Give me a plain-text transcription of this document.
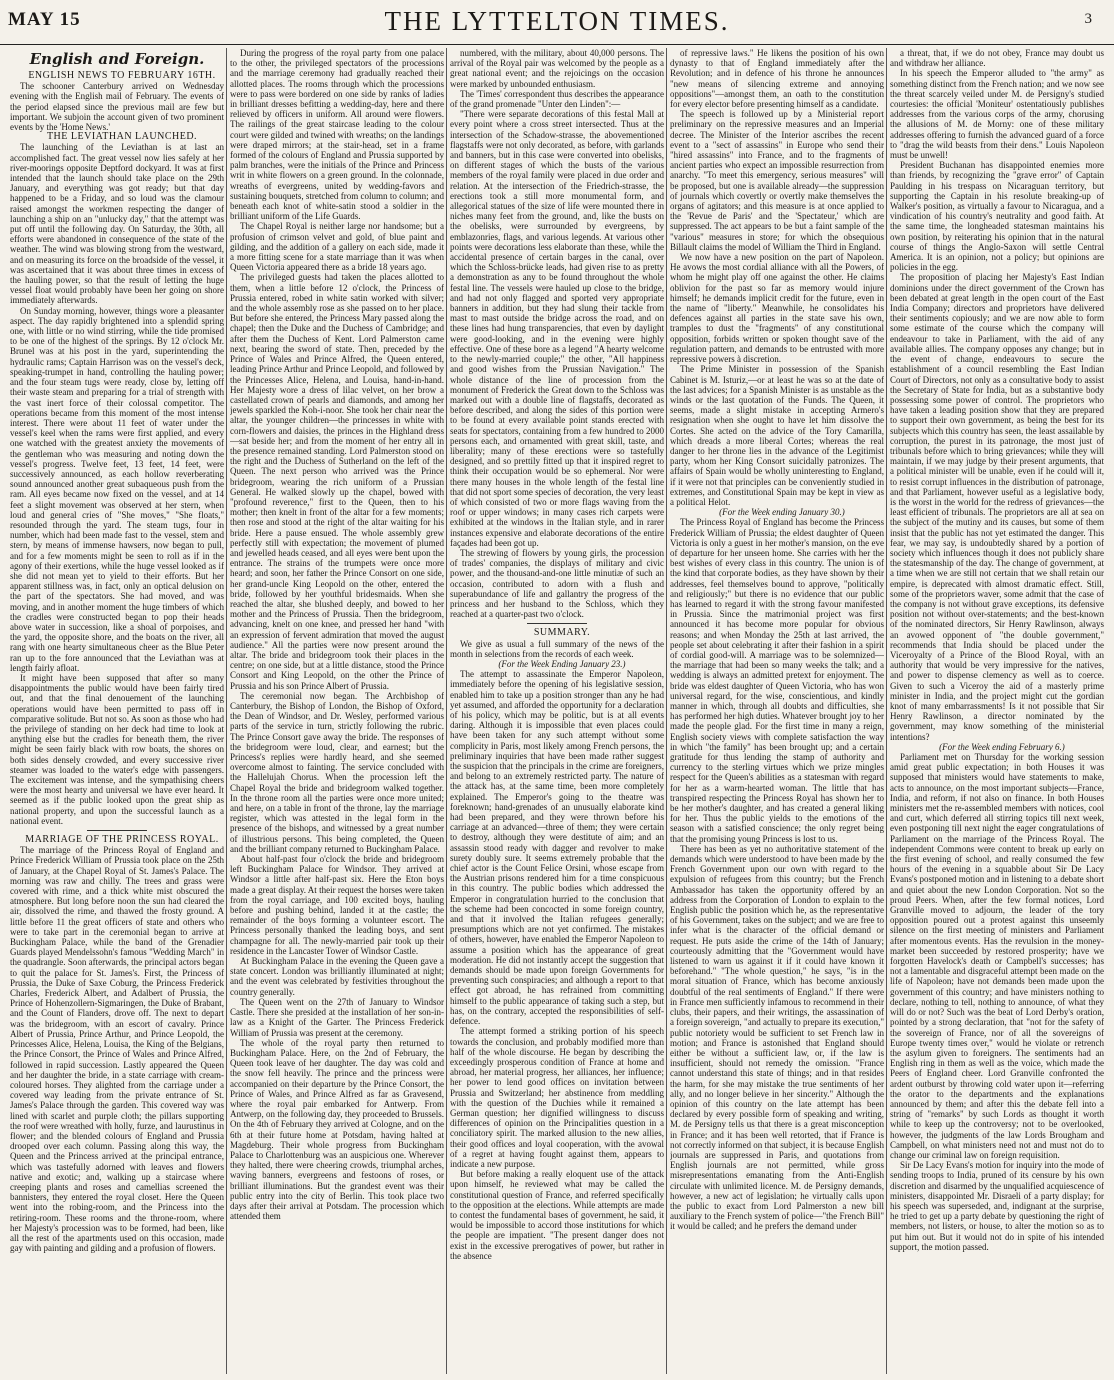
MAY 15	THE LYTTELTON TIMES.	3
English and Foreign.

ENGLISH NEWS TO FEBRUARY 16TH.

The schooner Canterbury arrived on Wednesday evening with the English mail of February. The events of the period elapsed since the previous mail are few but important. We subjoin the account given of two prominent events by the 'Home News.'

THE LEVIATHAN LAUNCHED.

The launching of the Leviathan is at last an accomplished fact. The great vessel now lies safely at her river-moorings opposite Deptford dockyard. It was at first intended that the launch should take place on the 29th January, and everything was got ready; but that day happened to be a Friday, and so loud was the clamour raised amongst the workmen respecting the danger of launching a ship on an "unlucky day," that the attempt was put off until the following day. On Saturday, the 30th, all efforts were abandoned in consequence of the state of the weather. The wind was blowing strong from the westward, and on measuring its force on the broadside of the vessel, it was ascertained that it was about three times in excess of the hauling power, so that the result of letting the huge vessel float would probably have been her going on shore immediately afterwards.

On Sunday morning, however, things wore a pleasanter aspect. The day rapidly brightened into a splendid spring one, with little or no wind stirring, while the tide promised to be one of the highest of the springs. By 12 o'clock Mr. Brunel was at his post in the yard, superintending the hydraulic rams; Captain Harrison was on the vessel's deck, speaking-trumpet in hand, controlling the hauling power; and the four steam tugs were ready, close by, letting off their waste steam and preparing for a trial of strength with the vast inert force of their colossal competitor. The operations became from this moment of the most intense interest. There were about 11 feet of water under the vessel's keel when the rams were first applied, and every one watched with the greatest anxiety the movements of the gentleman who was measuring and noting down the vessel's progress. Twelve feet, 13 feet, 14 feet, were successively announced, as each hollow reverberating sound announced another great subaqueous push from the ram. All eyes became now fixed on the vessel, and at 14 feet a slight movement was observed at her stern, when loud and general cries of "She moves," "She floats," resounded through the yard. The steam tugs, four in number, which had been made fast to the vessel, stem and stern, by means of immense hawsers, now began to pull, and for a few moments might be seen to roll as if in the agony of their exertions, while the huge vessel looked as if she did not mean yet to yield to their efforts. But her apparent stillness was, in fact, only an optical delusion on the part of the spectators. She had moved, and was moving, and in another moment the huge timbers of which the cradles were constructed began to pop their heads above water in succession, like a shoal of porpoises, and the yard, the opposite shore, and the boats on the river, all rang with one hearty simultaneous cheer as the Blue Peter ran up to the fore announced that the Leviathan was at length fairly afloat.

It might have been supposed that after so many disappointments the public would have been fairly tired out, and that the final denouement of the launching operations would have been permitted to pass off in comparative solitude. But not so. As soon as those who had the privilege of standing on her deck had time to look at anything else but the cradles for beneath them, the river might be seen fairly black with row boats, the shores on both sides densely crowded, and every successive river steamer was loaded to the water's edge with passengers. The excitement was intense, and the sympathising cheers were the most hearty and universal we have ever heard. It seemed as if the public looked upon the great ship as national property, and upon the successful launch as a national event.

MARRIAGE OF THE PRINCESS ROYAL.

The marriage of the Princess Royal of England and Prince Frederick William of Prussia took place on the 25th of January, at the Chapel Royal of St. James's Palace. The morning was raw and chilly. The trees and grass were covered with rime, and a thick white mist obscured the atmosphere. But long before noon the sun had cleared the air, dissolved the rime, and thawed the frosty ground. A little before 11 the great officers of state and others who were to take part in the ceremonial began to arrive at Buckingham Palace, while the band of the Grenadier Guards played Mendelssohn's famous "Wedding March" in the quadrangle. Soon afterwards, the principal actors began to quit the palace for St. James's. First, the Princess of Prussia, the Duke of Saxe Coburg, the Princess Frederick Charles, Frederick Albert, and Adalbert of Prussia, the Prince of Hohenzollern-Sigmaringen, the Duke of Brabant, and the Count of Flanders, drove off. The next to depart was the bridegroom, with an escort of cavalry. Prince Albert of Prussia, Prince Arthur, and Prince Leopold, the Princesses Alice, Helena, Louisa, the King of the Belgians, the Prince Consort, the Prince of Wales and Prince Alfred, followed in rapid succession. Lastly appeared the Queen and her daughter the bride, in a state carriage with cream-coloured horses. They alighted from the carriage under a covered way leading from the private entrance of St. James's Palace through the garden. This covered way was lined with scarlet and purple cloth; the pillars supporting the roof were wreathed with holly, furze, and laurustinus in flower; and the blended colours of England and Prussia drooped over each column. Passing along this way, the Queen and the Princess arrived at the principal entrance, which was tastefully adorned with leaves and flowers native and exotic; and, walking up a staircase where creeping plants and roses and camellias screened the bannisters, they entered the royal closet. Here the Queen went into the robing-room, and the Princess into the retiring-room. These rooms and the throne-room, where her Majesty's procession was to be formed, had been, like all the rest of the apartments used on this occasion, made gay with painting and gilding and a profusion of flowers.

During the progress of the royal party from one palace to the other, the privileged spectators of the processions and the marriage ceremony had gradually reached their allotted places. The rooms through which the processions were to pass were bordered on one side by ranks of ladies in brilliant dresses befitting a wedding-day, here and there relieved by officers in uniform. All around were flowers. The railings of the great staircase leading to the colour court were gilded and twined with wreaths; on the landings were draped mirrors; at the stair-head, set in a frame formed of the colours of England and Prussia supported by palm branches, were the initials of the Prince and Princess writ in white flowers on a green ground. In the colonnade, wreaths of evergreens, united by wedding-favors and sustaining bouquets, stretched from column to column; and beneath each knot of white-satin stood a soldier in the brilliant uniform of the Life Guards.

The Chapel Royal is neither large nor handsome; but a profusion of crimson velvet and gold, of blue paint and gilding, and the addition of a gallery on each side, made it a more fitting scene for a state marriage than it was when Queen Victoria appeared there as a bride 18 years ago.

The privileged guests had taken the places allotted to them, when a little before 12 o'clock, the Princess of Prussia entered, robed in white satin worked with silver; and the whole assembly rose as she passed on to her place. But before she entered, the Princess Mary passed along the chapel; then the Duke and the Duchess of Cambridge; and after them the Duchess of Kent. Lord Palmerston came next, bearing the sword of state. Then, preceded by the Prince of Wales and Prince Alfred, the Queen entered, leading Prince Arthur and Prince Leopold, and followed by the Princesses Alice, Helena, and Louisa, hand-in-hand. Her Majesty wore a dress of lilac velvet, on her brow a castellated crown of pearls and diamonds, and among her jewels sparkled the Koh-i-noor. She took her chair near the altar, the younger children—the princesses in white with corn-flowers and daisies, the princes in the Highland dress—sat beside her; and from the moment of her entry all in the presence remained standing. Lord Palmerston stood on the right and the Duchess of Sutherland on the left of the Queen. The next person who arrived was the Prince bridegroom, wearing the rich uniform of a Prussian General. He walked slowly up the chapel, bowed with "profound reverence," first to the Queen, then to his mother; then knelt in front of the altar for a few moments; then rose and stood at the right of the altar waiting for his bride. Here a pause ensued. The whole assembly grew perfectly still with expectation; the movement of plumed and jewelled heads ceased, and all eyes were bent upon the entrance. The strains of the trumpets were once more heard; and soon, her father the Prince Consort on one side, her grand-uncle King Leopold on the other, entered the bride, followed by her youthful bridesmaids. When she reached the altar, she blushed deeply, and bowed to her mother and the Princess of Prussia. Then the bridegroom, advancing, knelt on one knee, and pressed her hand "with an expression of fervent admiration that moved the august audience." All the parties were now present around the altar. The bride and bridegroom took their places in the centre; on one side, but at a little distance, stood the Prince Consort and King Leopold, on the other the Prince of Prussia and his son Prince Albert of Prussia.

The ceremonial now began. The Archbishop of Canterbury, the Bishop of London, the Bishop of Oxford, the Dean of Windsor, and Dr. Wesley, performed various parts of the service in turn, strictly following the rubric. The Prince Consort gave away the bride. The responses of the bridegroom were loud, clear, and earnest; but the Princess's replies were hardly heard, and she seemed overcome almost to fainting. The service concluded with the Hallelujah Chorus. When the procession left the Chapel Royal the bride and bridegroom walked together. In the throne room all the parties were once more united; and here, on a table in front of the throne, lay the marriage register, which was attested in the legal form in the presence of the bishops, and witnessed by a great number of illustrious persons. This being completed, the Queen and the brilliant company returned to Buckingham Palace.

About half-past four o'clock the bride and bridegroom left Buckingham Palace for Windsor. They arrived at Windsor a little after half-past six. Here the Eton boys made a great display. At their request the horses were taken from the royal carriage, and 100 excited boys, hauling before and pushing behind, landed it at the castle; the remainder of the boys forming a volunteer escort. The Princess personally thanked the leading boys, and sent champagne for all. The newly-married pair took up their residence in the Lancaster Tower of Windsor Castle.

At Buckingham Palace in the evening the Queen gave a state concert. London was brilliantly illuminated at night; and the event was celebrated by festivities throughout the country generally.

The Queen went on the 27th of January to Windsor Castle. There she presided at the installation of her son-in-law as a Knight of the Garter. The Princess Frederick William of Prussia was present at the ceremony.

The whole of the royal party then returned to Buckingham Palace. Here, on the 2nd of February, the Queen took leave of her daughter. The day was cold and the snow fell heavily. The prince and the princess were accompanied on their departure by the Prince Consort, the Prince of Wales, and Prince Alfred as far as Gravesend, where the royal pair embarked for Antwerp. From Antwerp, on the following day, they proceeded to Brussels. On the 4th of February they arrived at Cologne, and on the 6th at their future home at Potsdam, having halted at Magdeburg. Their whole progress from Buckingham Palace to Charlottenburg was an auspicious one. Wherever they halted, there were cheering crowds, triumphal arches, waving banners, evergreens and festoons of roses, or brilliant illuminations. But the grandest event was their public entry into the city of Berlin. This took place two days after their arrival at Potsdam. The procession which attended them

numbered, with the military, about 40,000 persons. The arrival of the Royal pair was welcomed by the people as a great national event; and the rejoicings on the occasion were marked by unbounded enthusiasm.

The 'Times' correspondent thus describes the appearance of the grand promenade "Unter den Linden":—

"There were separate decorations of this festal Mall at every point where a cross street intersected. Thus at the intersection of the Schadow-strasse, the abovementioned flagstaffs were not only decorated, as before, with garlands and banners, but in this case were converted into obelisks, on different stages of which the busts of the various members of the royal family were placed in due order and relation. At the intersection of the Friedrich-strasse, the erections took a still more monumental form, and allegorical statues of the size of life were mounted there in niches many feet from the ground, and, like the busts on the obelisks, were surrounded by evergreens, by emblazonries, flags, and various legends. At various other points were decorations less elaborate than these, while the accidental presence of certain barges in the canal, over which the Schloss-brücke leads, had given rise to as pretty a demonstration as any to be found throughout the whole festal line. The vessels were hauled up close to the bridge, and had not only flagged and sported very appropriate banners in addition, but they had slung their tackle from mast to mast outside the bridge across the road, and on these lines had hung transparencies, that even by daylight were good-looking, and in the evening were highly effective. One of these bore as a legend "A hearty welcome to the newly-married couple;" the other, "All happiness and good wishes from the Prussian Navigation." The whole distance of the line of procession from the monument of Frederick the Great down to the Schloss was marked out with a double line of flagstaffs, decorated as before described, and along the sides of this portion were to be found at every available point stands erected with seats for spectators, containing from a few hundred to 2000 persons each, and ornamented with great skill, taste, and liberality; many of these erections were so tastefully designed, and so prettily fitted up that it inspired regret to think their occupation would be so ephemeral. Nor were there many houses in the whole length of the festal line that did not sport some species of decoration, the very least of which consisted of two or more flags waving from the roof or upper windows; in many cases rich carpets were exhibited at the windows in the Italian style, and in rarer instances expensive and elaborate decorations of the entire façades had been got up.

The strewing of flowers by young girls, the procession of trades' companies, the displays of military and civic power, and the thousand-and-one little minutiæ of such an occasion, contributed to adorn with a flush and superabundance of life and gallantry the progress of the princess and her husband to the Schloss, which they reached at a quarter-past two o'clock.

SUMMARY.

We give as usual a full summary of the news of the month in selections from the records of each week.

(For the Week Ending January 23.)

The attempt to assassinate the Emperor Napoleon, immediately before the opening of his legislative session, enabled him to take up a position stronger than any he had yet assumed, and afforded the opportunity for a declaration of his policy, which may be politic, but is at all events daring. Although it is impossible that even places could have been taken for any such attempt without some complicity in Paris, most likely among French persons, the preliminary inquiries that have been made rather suggest the suspicion that the principals in the crime are foreigners, and belong to an extremely restricted party. The nature of the attack has, at the same time, been more completely explained. The Emperor's going to the theatre was foreknown; hand-grenades of an unusually elaborate kind had been prepared, and they were thrown before his carriage at an advanced—three of them; they were certain to destroy, although they were destitute of aim; and an assassin stood ready with dagger and revolver to make surety doubly sure. It seems extremely probable that the chief actor is the Count Felice Orsini, whose escape from the Austrian prisons rendered him for a time conspicuous in this country. The public bodies which addressed the Emperor in congratulation hurried to the conclusion that the scheme had been concocted in some foreign country, and that it involved the Italian refugees generally; presumptions which are not yet confirmed. The mistakes of others, however, have enabled the Emperor Napoleon to assume a position which has the appearance of great moderation. He did not instantly accept the suggestion that demands should be made upon foreign Governments for preventing such conspiracies; and although a report to that effect got abroad, he has refrained from committing himself to the public appearance of taking such a step, but has, on the contrary, accepted the responsibilities of self-defence.

The attempt formed a striking portion of his speech towards the conclusion, and probably modified more than half of the whole discourse. He began by describing the exceedingly prosperous condition of France at home and abroad, her material progress, her alliances, her influence; her power to lend good offices on invitation between Prussia and Switzerland; her abstinence from meddling with the question of the Duchies while it remained a German question; her dignified willingness to discuss differences of opinion on the Principalities question in a conciliatory spirit. The marked allusion to the new allies, their good offices and loyal cooperation, with the avowal of a regret at having fought against them, appears to indicate a new purpose.

But before making a really eloquent use of the attack upon himself, he reviewed what may be called the constitutional question of France, and referred specifically to the opposition at the elections. While attempts are made to contest the fundamental bases of government, he said, it would be impossible to accord those institutions for which the people are impatient. "The present danger does not exist in the excessive prerogatives of power, but rather in the absence

of repressive laws." He likens the position of his own dynasty to that of England immediately after the Revolution; and in defence of his throne he announces "new means of silencing extreme and annoying oppositions"—amongst them, an oath to the constitution for every elector before presenting himself as a candidate.

The speech is followed up by a Ministerial report preliminary on the repressive measures and an Imperial decree. The Minister of the Interior ascribes the recent event to a "sect of assassins" in Europe who send their "hired assassins" into France, and to the fragments of ancient parties who expect an impossible resurrection from anarchy. "To meet this emergency, serious measures" will be proposed, but one is available already—the suppression of journals which covertly or overtly make themselves the organs of agitators; and this measure is at once applied to the 'Revue de Paris' and the 'Spectateur,' which are suppressed. The act appears to be but a faint sample of the "various" measures in store; for which the obsequious Billault claims the model of William the Third in England.

We now have a new position on the part of Napoleon. He avows the most cordial alliance with all the Powers, of whom he might play off one against the other. He claims oblivion for the past so far as memory would injure himself; he demands implicit credit for the future, even in the name of "liberty." Meanwhile, he consolidates his defences against all parties in the state save his own, tramples to dust the "fragments" of any constitutional opposition, forbids written or spoken thought save of the regulation pattern, and demands to be entrusted with more repressive powers à discretion.

The Prime Minister in possession of the Spanish Cabinet is M. Isturiz,—or at least he was so at the date of the last advices; for a Spanish Minister is as unstable as the winds or the last quotation of the Funds. The Queen, it seems, made a slight mistake in accepting Armero's resignation when she ought to have let him dissolve the Cortes. She acted on the advice of the Tory Camarilla, which dreads a more liberal Cortes; whereas the real danger to her throne lies in the advance of the Legitimist party, whom her King Consort suicidally patronizes. The affairs of Spain would be wholly uninteresting to England, if it were not that principles can be conveniently studied in extremes, and Constitutional Spain may be kept in view as a political Helot.

(For the Week ending January 30.)

The Princess Royal of England has become the Princess Frederick William of Prussia; the eldest daughter of Queen Victoria is only a guest in her mother's mansion, on the eve of departure for her unseen home. She carries with her the best wishes of every class in this country. The union is of the kind that corporate bodies, as they have shown by their addresses, feel themselves bound to approve, "politically and religiously;" but there is no evidence that our public has learned to regard it with the strong favour manifested in Prussia. Since the matrimonial project was first announced it has become more popular for obvious reasons; and when Monday the 25th at last arrived, the people set about celebrating it after their fashion in a spirit of cordial good-will. A marriage was to be solemnized—the marriage that had been so many weeks the talk; and a wedding is always an admitted pretext for enjoyment. The bride was eldest daughter of Queen Victoria, who has won universal regard, for the wise, conscientious, and kindly manner in which, through all doubts and difficulties, she has performed her high duties. Whatever brought joy to her made the people glad. For the first time in many a reign, English society views with complete satisfaction the way in which "the family" has been brought up; and a certain gratitude for thus lending the stamp of authority and currency to the sterling virtues which we prize mingles respect for the Queen's abilities as a statesman with regard for her as a warm-hearted woman. The little that has transpired respecting the Princess Royal has shown her to be her mother's daughter, and has created a general liking for her. Thus the public yields to the emotions of the season with a satisfied conscience; the only regret being that the promising young Princess is lost to us.

There has been as yet no authoritative statement of the demands which were understood to have been made by the French Government upon our own with regard to the expulsion of refugees from this country; but the French Ambassador has taken the opportunity offered by an address from the Corporation of London to explain to the English public the position which he, as the representative of his Government, takes on the subject; and we are free to infer what is the character of the official demand or request. He puts aside the crime of the 14th of January; courteously admitting that the "Government would have listened to warn us against it if it could have known it beforehand." "The whole question," he says, "is in the moral situation of France, which has become anxiously doubtful of the real sentiments of England." If there were in France men sufficiently infamous to recommend in their clubs, their papers, and their writings, the assassination of a foreign sovereign, "and actually to prepare its execution," public notoriety would be sufficient to set French law in motion; and France is astonished that England should either be without a sufficient law, or, if the law is insufficient, should not remedy the omission. "France cannot understand this state of things; and in that resides the harm, for she may mistake the true sentiments of her ally, and no longer believe in her sincerity." Although the opinion of this country on the late attempt has been declared by every possible form of speaking and writing, M. de Persigny tells us that there is a great misconception in France; and it has been well retorted, that if France is not correctly informed on that subject, it is because English journals are suppressed in Paris, and quotations from English journals are not permitted, while gross misrepresentations emanating from the Anti-English circulate with unlimited licence. M. de Persigny demands, however, a new act of legislation; he virtually calls upon the public to exact from Lord Palmerston a new bill auxiliary to the French system of police—"the French Bill" it would be called; and he prefers the demand under

a threat, that, if we do not obey, France may doubt us and withdraw her alliance.

In his speech the Emperor alluded to "the army" as something distinct from the French nation; and we now see the threat scarcely veiled under M. de Persigny's studied courtesies: the official 'Moniteur' ostentatiously publishes addresses from the various corps of the army, chorusing the allusions of M. de Morny: one of these military addresses offering to furnish the advanced guard of a force to "drag the wild beasts from their dens." Louis Napoleon must be unwell!

President Buchanan has disappointed enemies more than friends, by recognizing the "grave error" of Captain Paulding in his trespass on Nicaraguan territory, but supporting the Captain in his resolute breaking-up of Walker's position, as virtually a favour to Nicaragua, and a vindication of his country's neutrality and good faith. At the same time, the longheaded statesman maintains his own position, by reiterating his opinion that in the natural course of things the Anglo-Saxon will settle Central America. It is an opinion, not a policy; but opinions are policies in the egg.

The proposition of placing her Majesty's East Indian dominions under the direct government of the Crown has been debated at great length in the open court of the East India Company; directors and proprietors have delivered their sentiments copiously; and we are now able to form some estimate of the course which the company will endeavour to take in Parliament, with the aid of any available allies. The company opposes any change; but in the event of change, endeavours to secure the establishment of a council resembling the East Indian Court of Directors, not only as a consultative body to assist the Secretary of State for India, but as a substantive body possessing some power of control. The proprietors who have taken a leading position show that they are prepared to support their own government, as being the best for its subjects which this country has seen, the least assailable by corruption, the purest in its patronage, the most just of tribunals before which to bring grievances; while they will maintain, if we may judge by their present arguments, that a political minister will be unable, even if he could will it, to resist corrupt influences in the distribution of patronage, and that Parliament, however useful as a legislative body, is the worst in the world for the redress of grievances—the least efficient of tribunals. The proprietors are all at sea on the subject of the mutiny and its causes, but some of them insist that the public has not yet estimated the danger. This fear, we may say, is undoubtedly shared by a portion of society which influences though it does not publicly share the statesmanship of the day. The change of government, at a time when we are still not certain that we shall retain our empire, is deprecated with almost dramatic effect. Still, some of the proprietors waver, some admit that the case of the company is not without grave exceptions, its defensive position not without over-statements; and the best-known of the nominated directors, Sir Henry Rawlinson, always an avowed opponent of "the double government," recommends that India should be placed under the Viceroyalty of a Prince of the Blood Royal, with an authority that would be very impressive for the natives, and power to dispense clemency as well as to coerce. Given to such a Viceroy the aid of a masterly prime minister in India, and the project might cut the gordian knot of many embarrassments! Is it not possible that Sir Henry Rawlinson, a director nominated by the government, may know something of the ministerial intentions?

(For the Week ending February 6.)

Parliament met on Thursday for the working session amid great public expectation; in both Houses it was supposed that ministers would have statements to make, acts to announce, on the most important subjects—France, India, and reform, if not also on finance. In both Houses ministers met the re-assembled members with notices, cool and curt, which deferred all stirring topics till next week, even postponing till next night the eager congratulations of Parliament on the marriage of the Princess Royal. The independent Commons were content to break up early on the first evening of school, and really consumed the few hours of the evening in a squabble about Sir De Lacy Evans's postponed motion and in listening to a debate short and quiet about the new London Corporation. Not so the proud Peers. When, after the few formal notices, Lord Granville moved to adjourn, the leader of the tory opposition poured out a protest against this unseemly silence on the first meeting of ministers and Parliament after momentous events. Has the revulsion in the money-market been succeeded by restored prosperity; have we forgotten Havelock's death or Campbell's successes; has not a lamentable and disgraceful attempt been made on the life of Napoleon; have not demands been made upon the government of this country; and have ministers nothing to declare, nothing to tell, nothing to announce, of what they will do or not? Such was the beat of Lord Derby's oration, pointed by a strong declaration, that "not for the safety of the sovereign of France, nor of all the sovereigns of Europe twenty times over," would he violate or retrench the asylum given to foreigners. The sentiments had an English ring in them as well as the voice, which made the Peers of England cheer. Lord Granville confronted the ardent outburst by throwing cold water upon it—referring the orator to the departments and the explanations announced by them; and after this the debate fell into a string of "remarks" by such Lords as thought it worth while to keep up the controversy; not to be overlooked, however, the judgments of the law Lords Brougham and Campbell, on what ministers need not and must not do to change our criminal law on foreign requisition.

Sir De Lacy Evans's motion for inquiry into the mode of sending troops to India, pruned of its censure by his own discretion and disarmed by the unqualified acquiescence of ministers, disappointed Mr. Disraeli of a party display; for his speech was superseded, and, indignant at the surprise, he tried to get up a party debate by questioning the right of members, not listers, or house, to alter the motion so as to put him out. But it would not do in spite of his intended support, the motion passed.
